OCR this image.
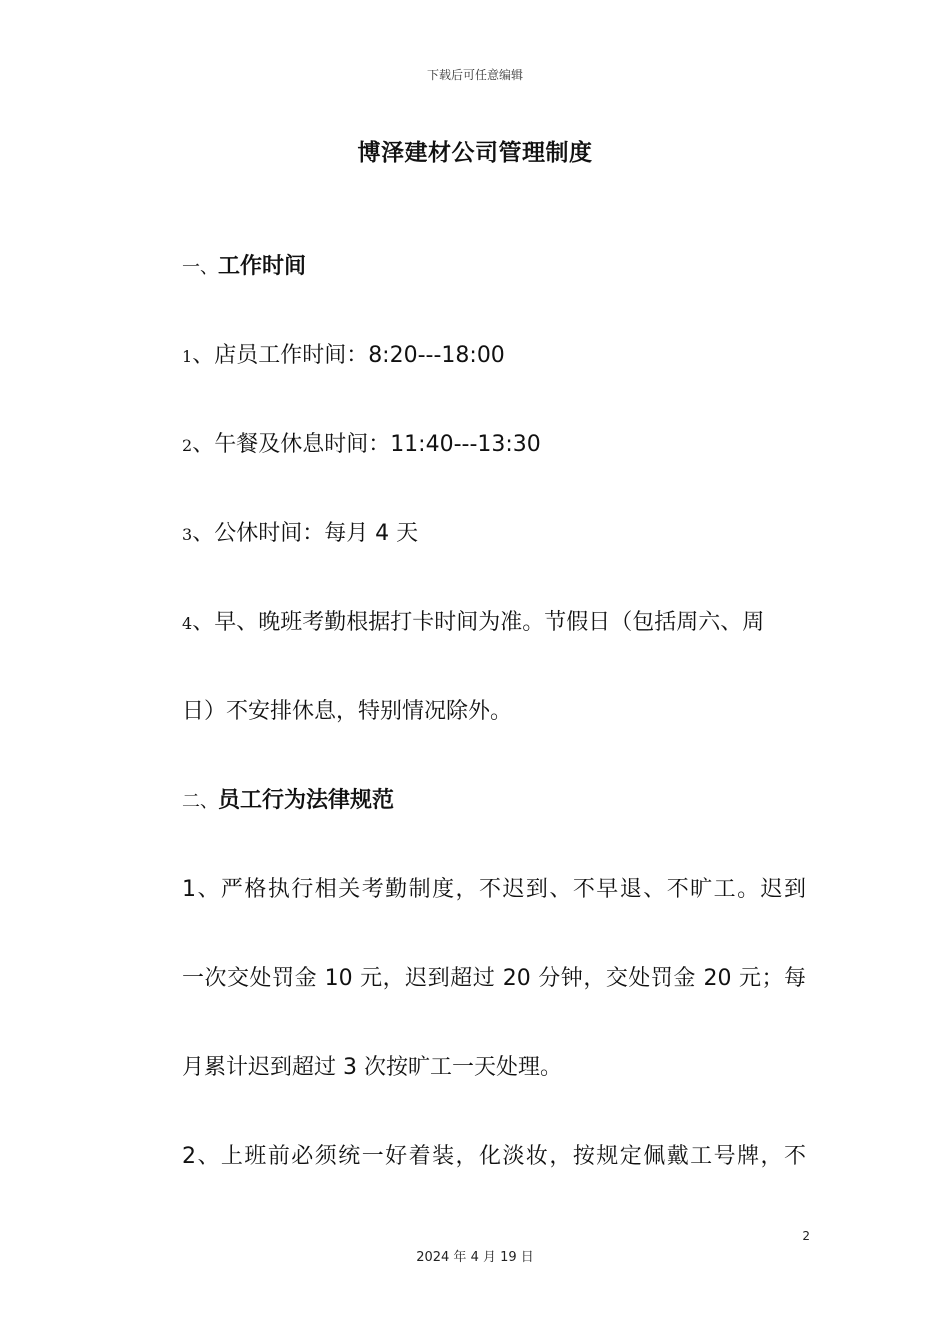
下载后可任意编辑
博泽建材公司管理制度
一、工作时间
1、店员工作时间：8:20---18:00
2、午餐及休息时间：11:40---13:30
3、公休时间：每月 4 天
4、早、晚班考勤根据打卡时间为准。节假日（包括周六、周
日）不安排休息，特别情况除外。
二、员工行为法律规范
1、严格执行相关考勤制度，不迟到、不早退、不旷工。迟到
一次交处罚金 10 元，迟到超过 20 分钟，交处罚金 20 元；每
月累计迟到超过 3 次按旷工一天处理。
2、上班前必须统一好着装，化淡妆，按规定佩戴工号牌，不
2
2024 年 4 月 19 日
